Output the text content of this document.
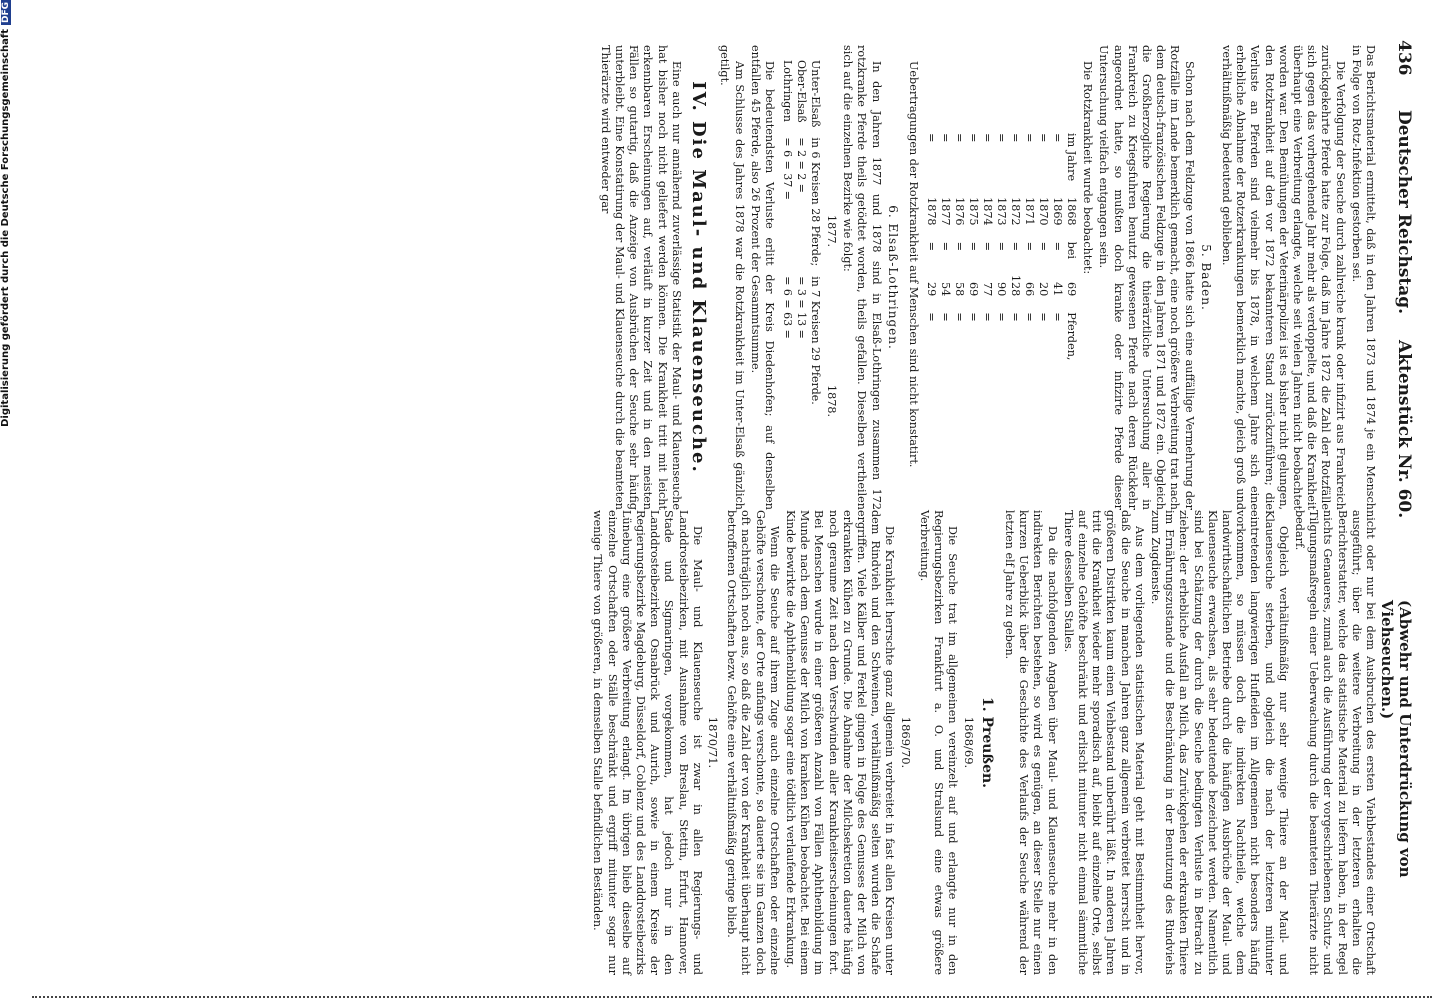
436
Deutscher Reichstag.
Aktenstück Nr. 60.
(Abwehr und Unterdrückung von Viehseuchen.)

Das Berichtsmaterial ermittelt, daß in den Jahren 1873 und 1874 je ein Mensch in Folge von Rotz-Infektion gestorben sei.

Die Verfolgung der Seuche durch zahlreiche krank oder infizirt aus Frankreich zurückgekehrte Pferde hatte zur Folge, daß im Jahre 1872 die Zahl der Rotzfälle sich gegen das vorhergehende Jahr mehr als verdoppelte, und daß die Krankheit überhaupt eine Verbreitung erlangte, welche seit vielen Jahren nicht beobachtet worden war. Den Bemühungen der Veterinärpolizei ist es bisher nicht gelungen, den Rotzkrankheit auf den vor 1872 bekannteren Stand zurückzuführen; die Verluste an Pferden sind vielmehr bis 1878, in welchem Jahre sich eine erhebliche Abnahme der Rotzerkrankungen bemerklich machte, gleich groß und verhältnißmäßig bedeutend geblieben.

5. Baden.

Schon nach dem Feldzuge von 1866 hatte sich eine auffällige Vermehrung der Rotzfälle im Lande bemerklich gemacht, eine noch größere Verbreitung trat nach dem deutsch-französischen Feldzuge in den Jahren 1871 und 1872 ein. Obgleich die Großherzogliche Regierung die thierärztliche Untersuchung aller in Frankreich zu Kriegsfuhren benutzt gewesenen Pferde nach deren Rückkehr angeordnet hatte, so mußten doch kranke oder infizirte Pferde dieser Untersuchung vielfach entgangen sein.

Die Rotzkrankheit wurde beobachtet:

im Jahre	1868	bei	69	Pferden,
=	1869	=	41	=
=	1870	=	20	=
=	1871	=	66	=
=	1872	=	128	=
=	1873	=	90	=
=	1874	=	77	=
=	1875	=	69	=
=	1876	=	58	=
=	1877	=	54	=
=	1878	=	29	=

Uebertragungen der Rotzkrankheit auf Menschen sind nicht konstatirt.

6. Elsaß-Lothringen.

In den Jahren 1877 und 1878 sind in Elsaß-Lothringen zusammen 172 rotzkranke Pferde theils getödtet worden, theils gefallen. Dieselben vertheilen sich auf die einzelnen Bezirke wie folgt:

1877.
1878.
Unter-Elsaß	in 6 Kreisen 28 Pferde;	in 7 Kreisen 29 Pferde.
Ober-Elsaß	= 2 = 2 =	= 3 = 13 =
Lothringen	= 6 = 37 =	= 6 = 63 =

Die bedeutendsten Verluste erlitt der Kreis Diedenhofen; auf denselben entfallen 45 Pferde, also 26 Prozent der Gesammtsumme.

Am Schlusse des Jahres 1878 war die Rotzkrankheit im Unter-Elsaß gänzlich getilgt.

IV. Die Maul- und Klauenseuche.

Eine auch nur annähernd zuverlässige Statistik der Maul- und Klauenseuche hat bisher noch nicht geliefert werden können. Die Krankheit tritt mit leicht erkennbaren Erscheinungen auf, verläuft in kurzer Zeit und in den meisten Fällen so gutartig, daß die Anzeige von Ausbrüchen der Seuche sehr häufig unterbleibt. Eine Konstatirung der Maul- und Klauenseuche durch die beamteten Thierärzte wird entweder gar

nicht oder nur bei dem Ausbruchen des ersten Viehbestandes einer Ortschaft ausgeführt; über die weitere Verbreitung in der letzteren erhalten die Berichterstatter, welche das statistische Material zu liefern haben, in der Regel nichts Genaueres, zumal auch die Ausführung der vorgeschriebenen Schutz- und Tilgungsmaßregeln einer Ueberwachung durch die beamteten Thierärzte nicht bedarf.

Obgleich verhältnißmäßig nur sehr wenige Thiere an der Maul- und Klauenseuche sterben, und obgleich die nach der letzteren mitunter eintretenden langwierigen Hufleiden im Allgemeinen nicht besonders häufig vorkommen, so müssen doch die indirekten Nachtheile, welche dem landwirthschaftlichen Betriebe durch die häufigen Ausbrüche der Maul- und Klauenseuche erwachsen, als sehr bedeutende bezeichnet werden. Namentlich sind bei Schätzung der durch die Seuche bedingten Verluste in Betracht zu ziehen: der erhebliche Ausfall an Milch, das Zurückgehen der erkrankten Thiere im Ernährungszustande und die Beschränkung in der Benutzung des Rindviehs zum Zugdienste.

Aus dem vorliegenden statistischen Material geht mit Bestimmtheit hervor, daß die Seuche in manchen Jahren ganz allgemein verbreitet herrscht und in größeren Distrikten kaum einen Viehbestand unberührt läßt. In anderen Jahren tritt die Krankheit wieder mehr sporadisch auf, bleibt auf einzelne Orte, selbst auf einzelne Gehöfte beschränkt und erlischt mitunter nicht einmal sämmtliche Thiere desselben Stalles.

Da die nachfolgenden Angaben über Maul- und Klauenseuche mehr in den indirekten Berichten bestehen, so wird es genügen, an dieser Stelle nur einen kurzen Ueberblick über die Geschichte des Verlaufs der Seuche während der letzten elf Jahre zu geben.

1. Preußen.
1868/69.

Die Seuche trat im allgemeinen vereinzelt auf und erlangte nur in den Regierungsbezirken Frankfurt a. O. und Stralsund eine etwas größere Verbreitung.

1869/70.

Die Krankheit herrschte ganz allgemein verbreitet in fast allen Kreisen unter dem Rindvieh und den Schweinen, verhältnißmäßig selten wurden die Schafe ergriffen. Viele Kälber und Ferkel gingen in Folge des Genusses der Milch von erkrankten Kühen zu Grunde. Die Abnahme der Milchsekretion dauerte häufig noch geraume Zeit nach dem Verschwinden aller Krankheitserscheinungen fort. Bei Menschen wurde in einer größeren Anzahl von Fällen Aphthenbildung im Munde nach dem Genusse der Milch von kranken Kühen beobachtet. Bei einem Kinde bewirkte die Aphthenbildung sogar eine tödtlich verlaufende Erkrankung.

Wenn die Seuche auf ihrem Zuge auch einzelne Ortschaften oder einzelne Gehöfte verschonte, der Orte anfangs verschonte, so dauerte sie im Ganzen doch oft nachträglich noch aus, so daß die Zahl der von der Krankheit überhaupt nicht betroffenen Ortschaften bezw. Gehöfte eine verhältnißmäßig geringe blieb.

1870/71.

Die Maul- und Klauenseuche ist zwar in allen Regierungs- und Landdrosteibezirken, mit Ausnahme von Breslau, Stettin, Erfurt, Hannover, Stade und Sigmaringen, vorgekommen, hat jedoch nur in den Landdrosteibezirken Osnabrück und Aurich, sowie in einem Kreise der Regierungsbezirke Magdeburg, Düsseldorf, Coblenz und des Landdrosteibezirks Lüneburg eine größere Verbreitung erlangt. Im übrigen blieb dieselbe auf einzelne Ortschaften oder Ställe beschränkt und ergriff mitunter sogar nur wenige Thiere von größeren, in demselben Stalle befindlichen Beständen.

Digitalisierung gefördert durch die Deutsche ForschungsgemeinschaftDFG
